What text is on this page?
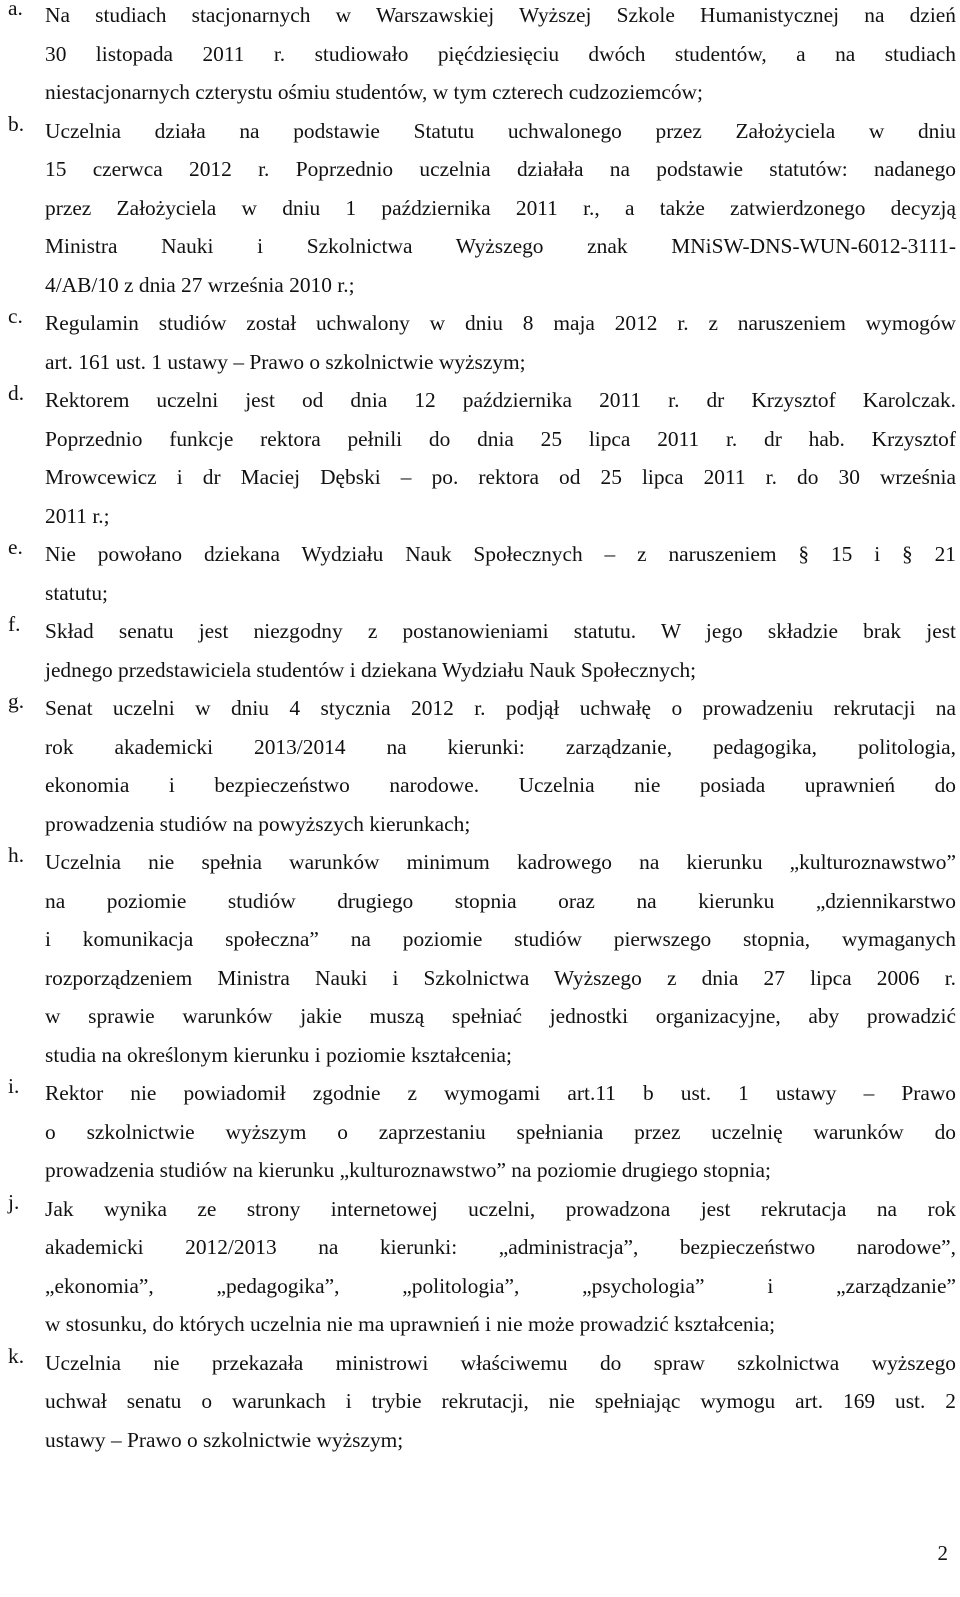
a.	Na studiach stacjonarnych w Warszawskiej Wyższej Szkole Humanistycznej na dzień
30 listopada 2011 r. studiowało pięćdziesięciu dwóch studentów, a na studiach
niestacjonarnych czterystu ośmiu studentów, w tym czterech cudzoziemców;
b. Uczelnia działa na podstawie Statutu uchwalonego przez Założyciela w dniu
15 czerwca 2012 r. Poprzednio uczelnia działała na podstawie statutów: nadanego
przez Założyciela w dniu 1 października 2011 r., a także zatwierdzonego decyzją
Ministra Nauki i Szkolnictwa Wyższego znak MNiSW-DNS-WUN-6012-3111-
4/AB/10 z dnia 27 września 2010 r.;
c.	Regulamin studiów został uchwalony w dniu 8 maja 2012 r. z naruszeniem wymogów
art. 161 ust. 1 ustawy – Prawo o szkolnictwie wyższym;
d. Rektorem uczelni jest od dnia 12 października 2011 r. dr Krzysztof Karolczak.
Poprzednio funkcje rektora pełnili do dnia 25 lipca 2011 r. dr hab. Krzysztof
Mrowcewicz i dr Maciej Dębski – po. rektora od 25 lipca 2011 r. do 30 września
2011 r.;
e.	Nie powołano dziekana Wydziału Nauk Społecznych – z naruszeniem § 15 i § 21
statutu;
f.	Skład senatu jest niezgodny z postanowieniami statutu. W jego składzie brak jest
jednego przedstawiciela studentów i dziekana Wydziału Nauk Społecznych;
g. Senat uczelni w dniu 4 stycznia 2012 r. podjął uchwałę o prowadzeniu rekrutacji na
rok akademicki 2013/2014 na kierunki: zarządzanie, pedagogika, politologia,
ekonomia i bezpieczeństwo narodowe. Uczelnia nie posiada uprawnień do
prowadzenia studiów na powyższych kierunkach;
h. Uczelnia nie spełnia warunków minimum kadrowego na kierunku „kulturoznawstwo”
na poziomie studiów drugiego stopnia oraz na kierunku „dziennikarstwo
i komunikacja społeczna” na poziomie studiów pierwszego stopnia, wymaganych
rozporządzeniem Ministra Nauki i Szkolnictwa Wyższego z dnia 27 lipca 2006 r.
w sprawie warunków jakie muszą spełniać jednostki organizacyjne, aby prowadzić
studia na określonym kierunku i poziomie kształcenia;
i.	Rektor nie powiadomił zgodnie z wymogami art.11 b ust. 1 ustawy – Prawo
o szkolnictwie wyższym o zaprzestaniu spełniania przez uczelnię warunków do
prowadzenia studiów na kierunku „kulturoznawstwo” na poziomie drugiego stopnia;
j.	Jak wynika ze strony internetowej uczelni, prowadzona jest rekrutacja na rok
akademicki 2012/2013 na kierunki: „administracja”, bezpieczeństwo narodowe”,
„ekonomia”, „pedagogika”, „politologia”, „psychologia” i „zarządzanie”
w stosunku, do których uczelnia nie ma uprawnień i nie może prowadzić kształcenia;
k. Uczelnia nie przekazała ministrowi właściwemu do spraw szkolnictwa wyższego
uchwał senatu o warunkach i trybie rekrutacji, nie spełniając wymogu art. 169 ust. 2
ustawy – Prawo o szkolnictwie wyższym;
2
